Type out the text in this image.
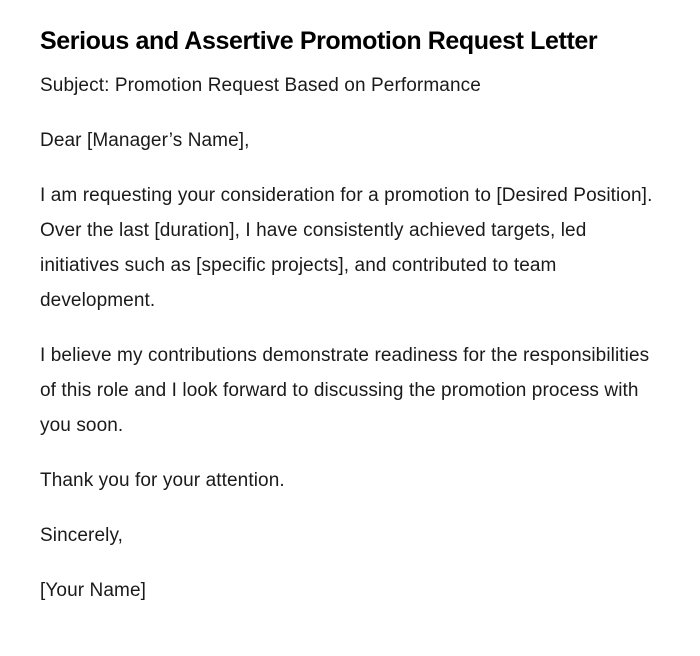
Serious and Assertive Promotion Request Letter

Subject: Promotion Request Based on Performance

Dear [Manager’s Name],

I am requesting your consideration for a promotion to [Desired Position]. Over the last [duration], I have consistently achieved targets, led initiatives such as [specific projects], and contributed to team development.

I believe my contributions demonstrate readiness for the responsibilities of this role and I look forward to discussing the promotion process with you soon.

Thank you for your attention.

Sincerely,

[Your Name]
